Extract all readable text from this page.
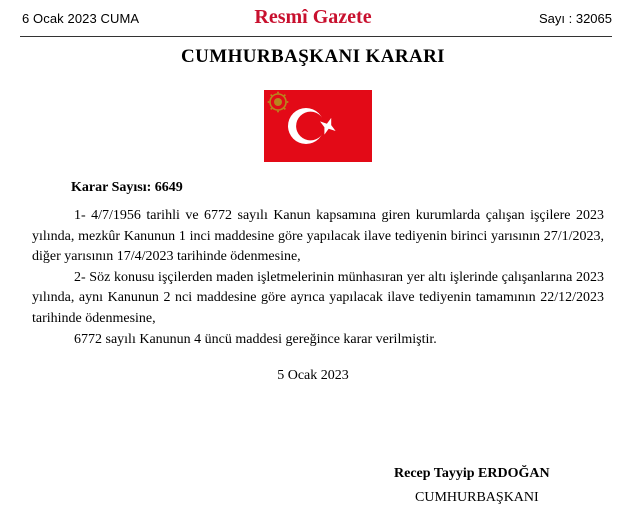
6 Ocak 2023 CUMA	Resmî Gazete	Sayı : 32065
CUMHURBAŞKANI KARARI
Karar Sayısı: 6649

1- 4/7/1956 tarihli ve 6772 sayılı Kanun kapsamına giren kurumlarda çalışan işçilere 2023 yılında, mezkûr Kanunun 1 inci maddesine göre yapılacak ilave tediyenin birinci yarısının 27/1/2023, diğer yarısının 17/4/2023 tarihinde ödenmesine,

2- Söz konusu işçilerden maden işletmelerinin münhasıran yer altı işlerinde çalışanlarına 2023 yılında, aynı Kanunun 2 nci maddesine göre ayrıca yapılacak ilave tediyenin tamamının 22/12/2023 tarihinde ödenmesine,

6772 sayılı Kanunun 4 üncü maddesi gereğince karar verilmiştir.

5 Ocak 2023
Recep Tayyip ERDOĞAN
CUMHURBAŞKANI
